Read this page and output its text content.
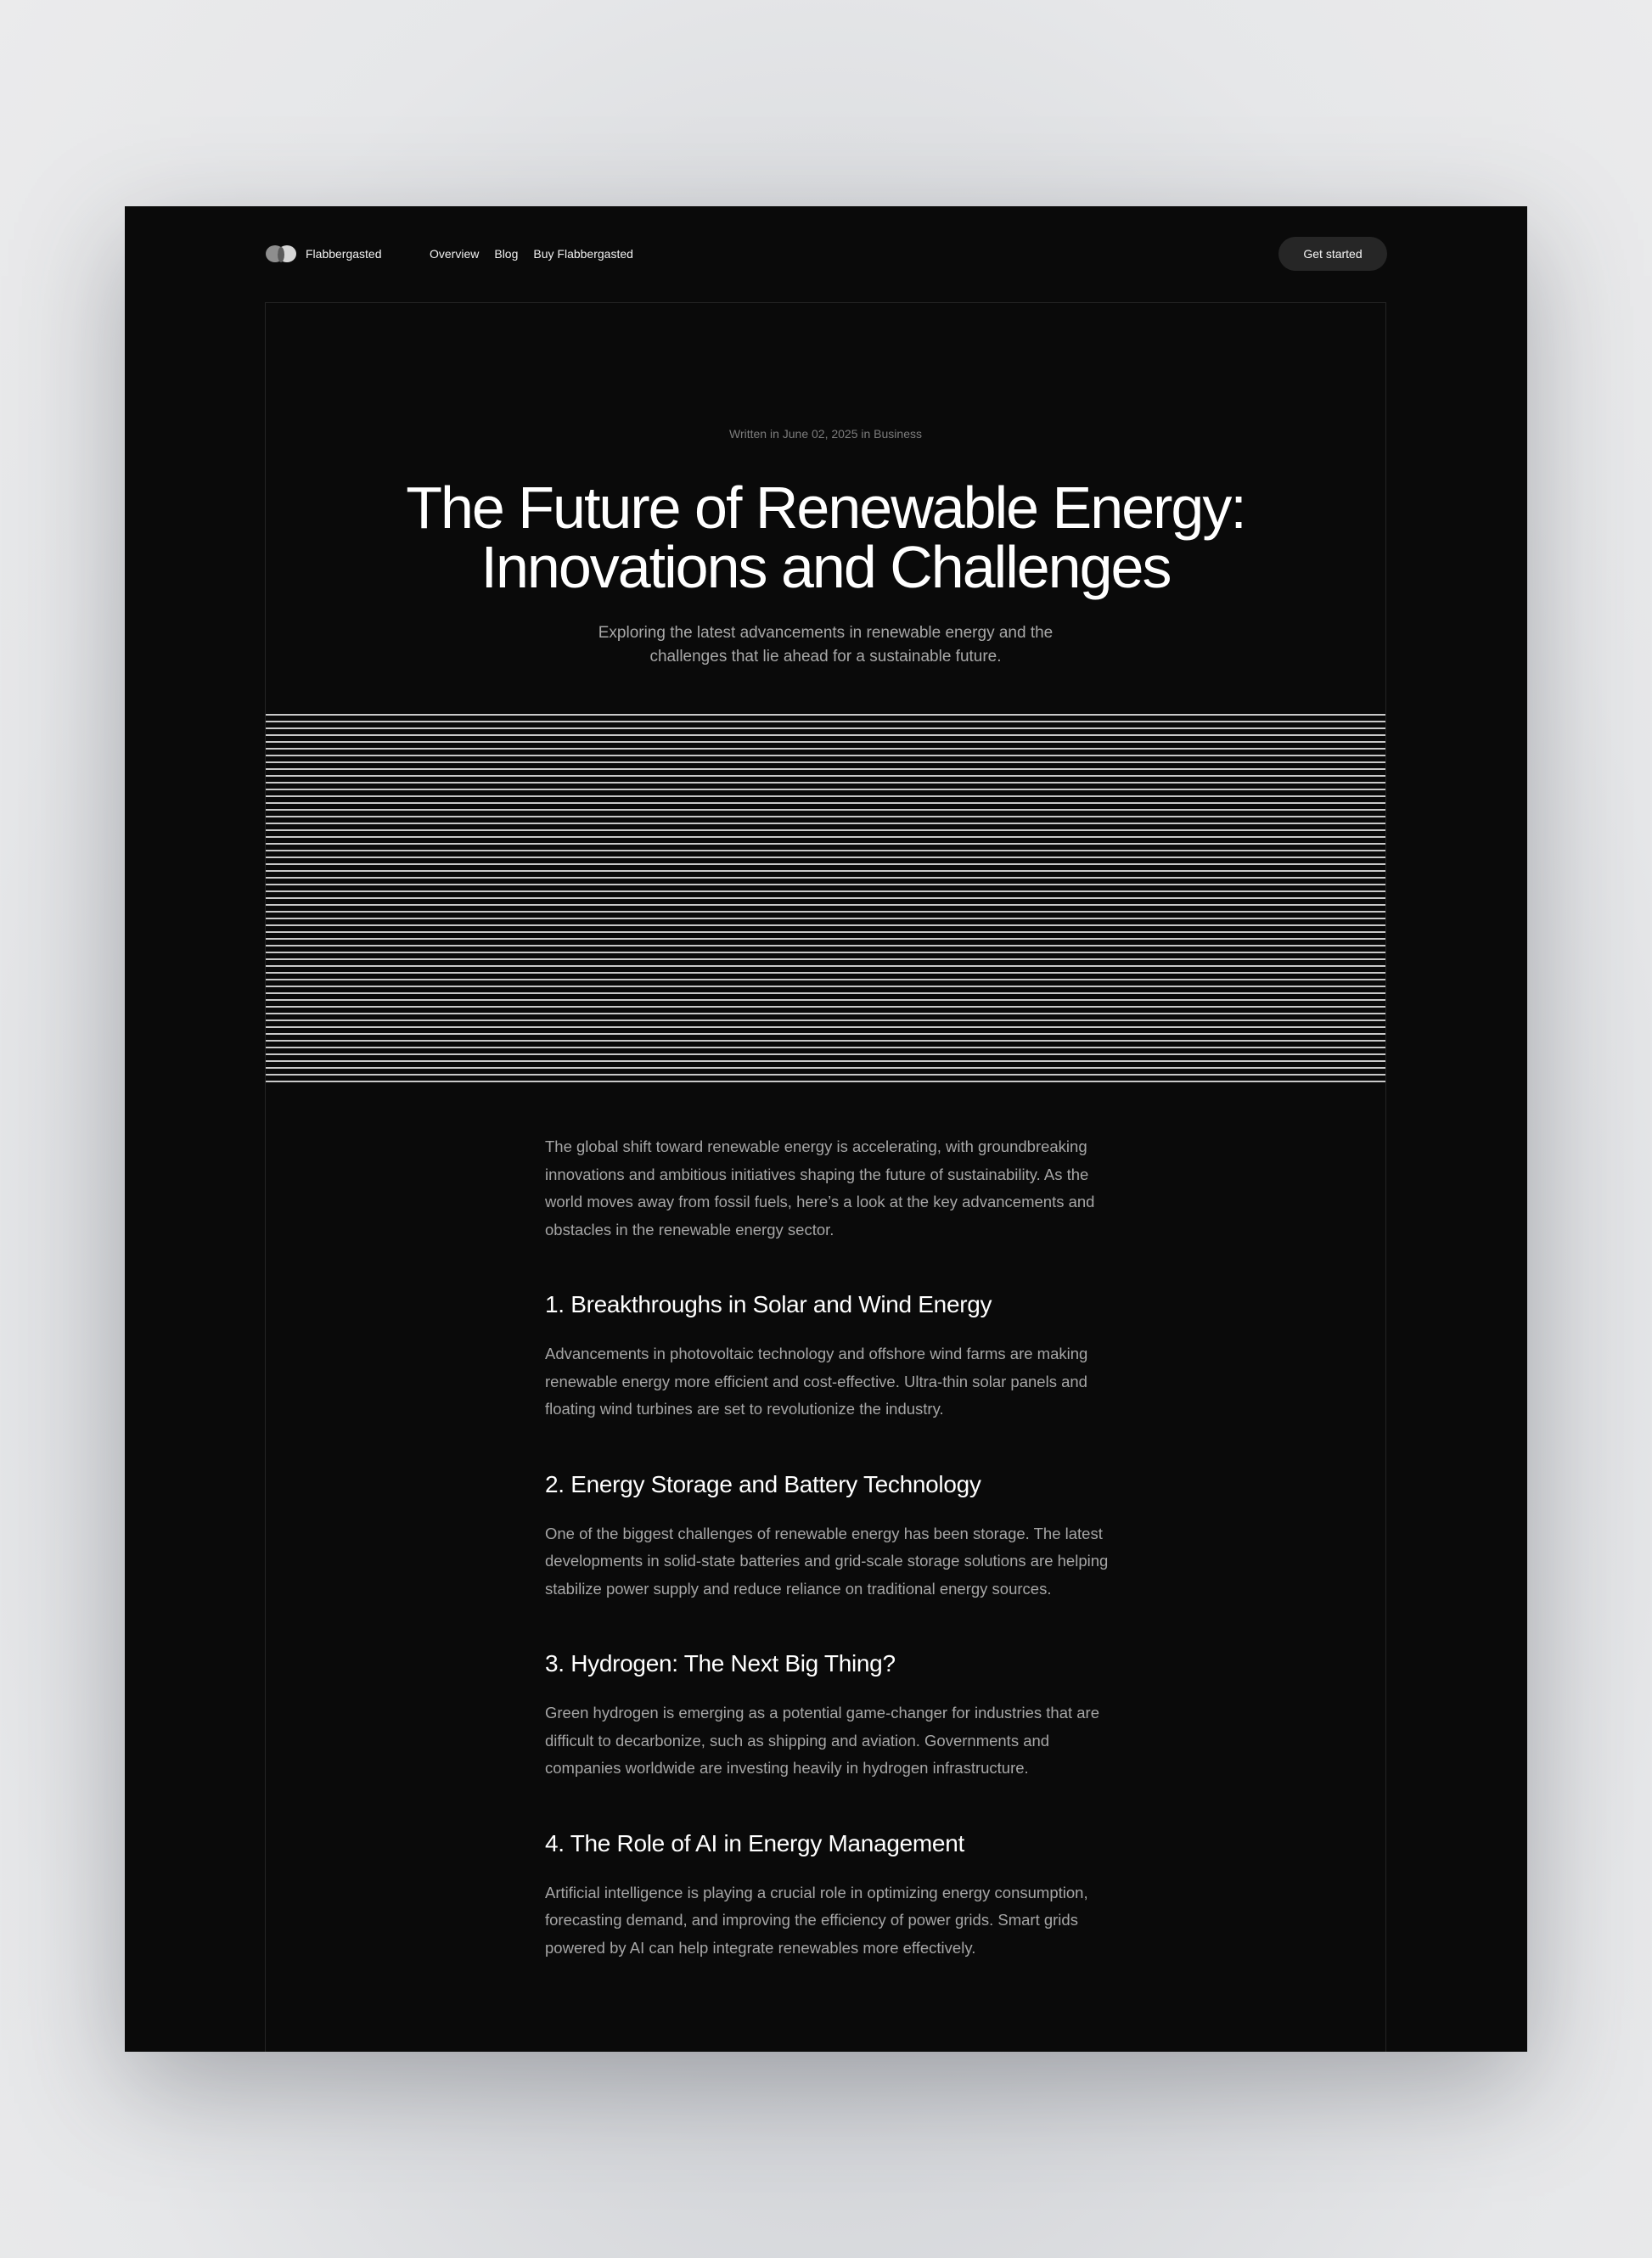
Flabbergasted	Overview Blog Buy Flabbergasted	Get started
Written in June 02, 2025 in Business
The Future of Renewable Energy: Innovations and Challenges

Exploring the latest advancements in renewable energy and the challenges that lie ahead for a sustainable future.

The global shift toward renewable energy is accelerating, with groundbreaking innovations and ambitious initiatives shaping the future of sustainability. As the world moves away from fossil fuels, here’s a look at the key advancements and obstacles in the renewable energy sector.

1. Breakthroughs in Solar and Wind Energy

Advancements in photovoltaic technology and offshore wind farms are making renewable energy more efficient and cost-effective. Ultra-thin solar panels and floating wind turbines are set to revolutionize the industry.

2. Energy Storage and Battery Technology

One of the biggest challenges of renewable energy has been storage. The latest developments in solid-state batteries and grid-scale storage solutions are helping stabilize power supply and reduce reliance on traditional energy sources.

3. Hydrogen: The Next Big Thing?

Green hydrogen is emerging as a potential game-changer for industries that are difficult to decarbonize, such as shipping and aviation. Governments and companies worldwide are investing heavily in hydrogen infrastructure.

4. The Role of AI in Energy Management

Artificial intelligence is playing a crucial role in optimizing energy consumption, forecasting demand, and improving the efficiency of power grids. Smart grids powered by AI can help integrate renewables more effectively.
